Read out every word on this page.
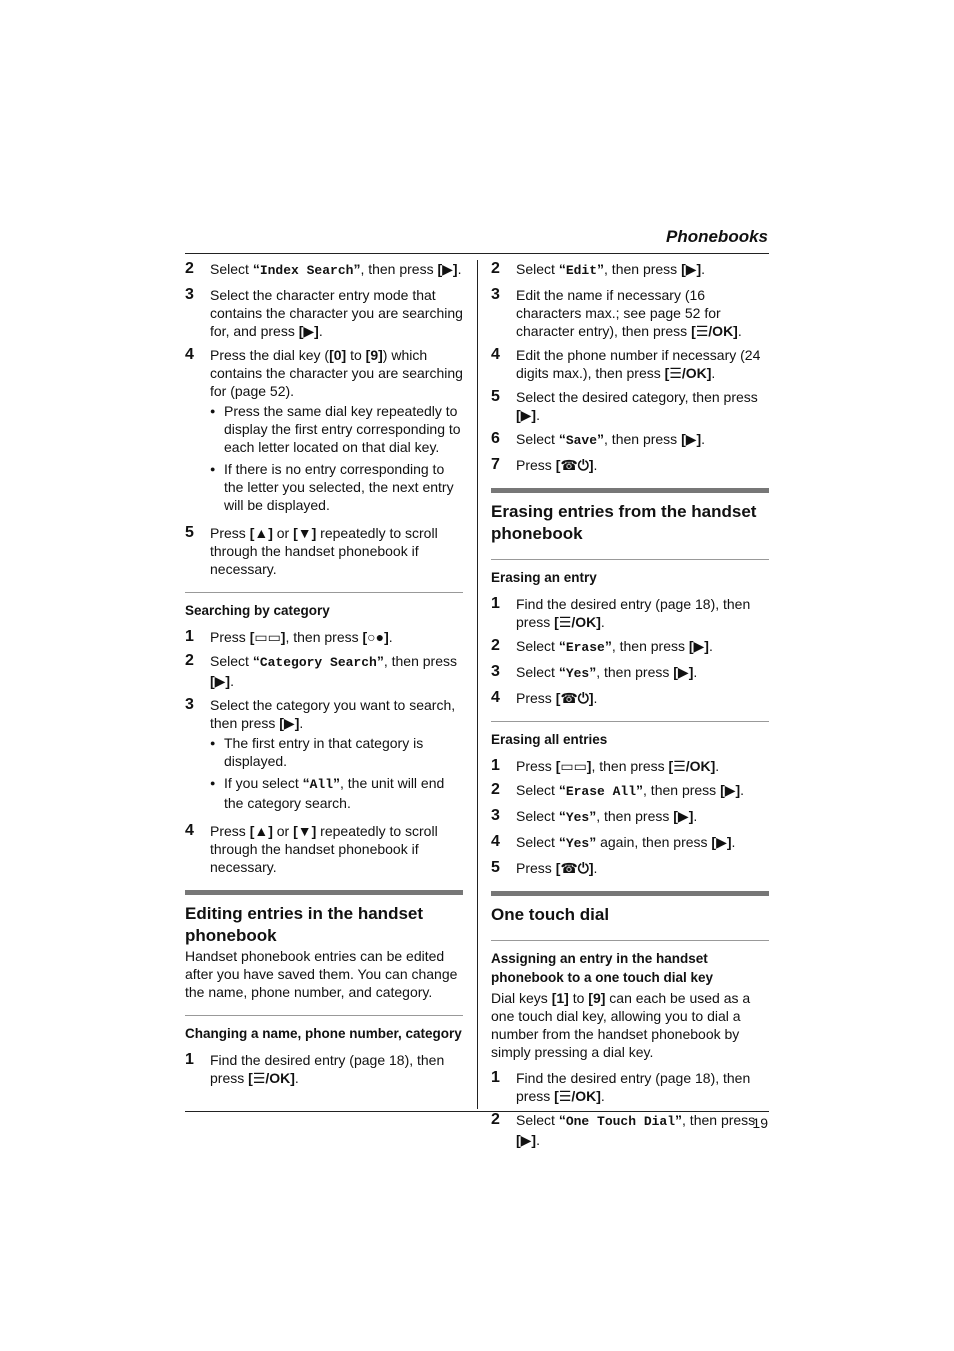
Phonebooks
2	Select “Index Search”, then press [▶].
3	Select the character entry mode that contains the character you are searching for, and press [▶].
4	Press the dial key ([0] to [9]) which contains the character you are searching for (page 52).
● Press the same dial key repeatedly to display the first entry corresponding to each letter located on that dial key.
● If there is no entry corresponding to the letter you selected, the next entry will be displayed.
5	Press [▲] or [▼] repeatedly to scroll through the handset phonebook if necessary.
Searching by category
1	Press [▭▭], then press [○●].
2	Select “Category Search”, then press [▶].
3	Select the category you want to search, then press [▶].
● The first entry in that category is displayed.
● If you select “All”, the unit will end the category search.
4	Press [▲] or [▼] repeatedly to scroll through the handset phonebook if necessary.
Editing entries in the handset phonebook
Handset phonebook entries can be edited after you have saved them. You can change the name, phone number, and category.
Changing a name, phone number, category
1	Find the desired entry (page 18), then press [☰/OK].
2	Select “Edit”, then press [▶].
3	Edit the name if necessary (16 characters max.; see page 52 for character entry), then press [☰/OK].
4	Edit the phone number if necessary (24 digits max.), then press [☰/OK].
5	Select the desired category, then press [▶].
6	Select “Save”, then press [▶].
7	Press [☎⏻].
Erasing entries from the handset phonebook
Erasing an entry
1	Find the desired entry (page 18), then press [☰/OK].
2	Select “Erase”, then press [▶].
3	Select “Yes”, then press [▶].
4	Press [☎⏻].
Erasing all entries
1	Press [▭▭], then press [☰/OK].
2	Select “Erase All”, then press [▶].
3	Select “Yes”, then press [▶].
4	Select “Yes” again, then press [▶].
5	Press [☎⏻].
One touch dial
Assigning an entry in the handset phonebook to a one touch dial key
Dial keys [1] to [9] can each be used as a one touch dial key, allowing you to dial a number from the handset phonebook by simply pressing a dial key.
1	Find the desired entry (page 18), then press [☰/OK].
2	Select “One Touch Dial”, then press [▶].
19
